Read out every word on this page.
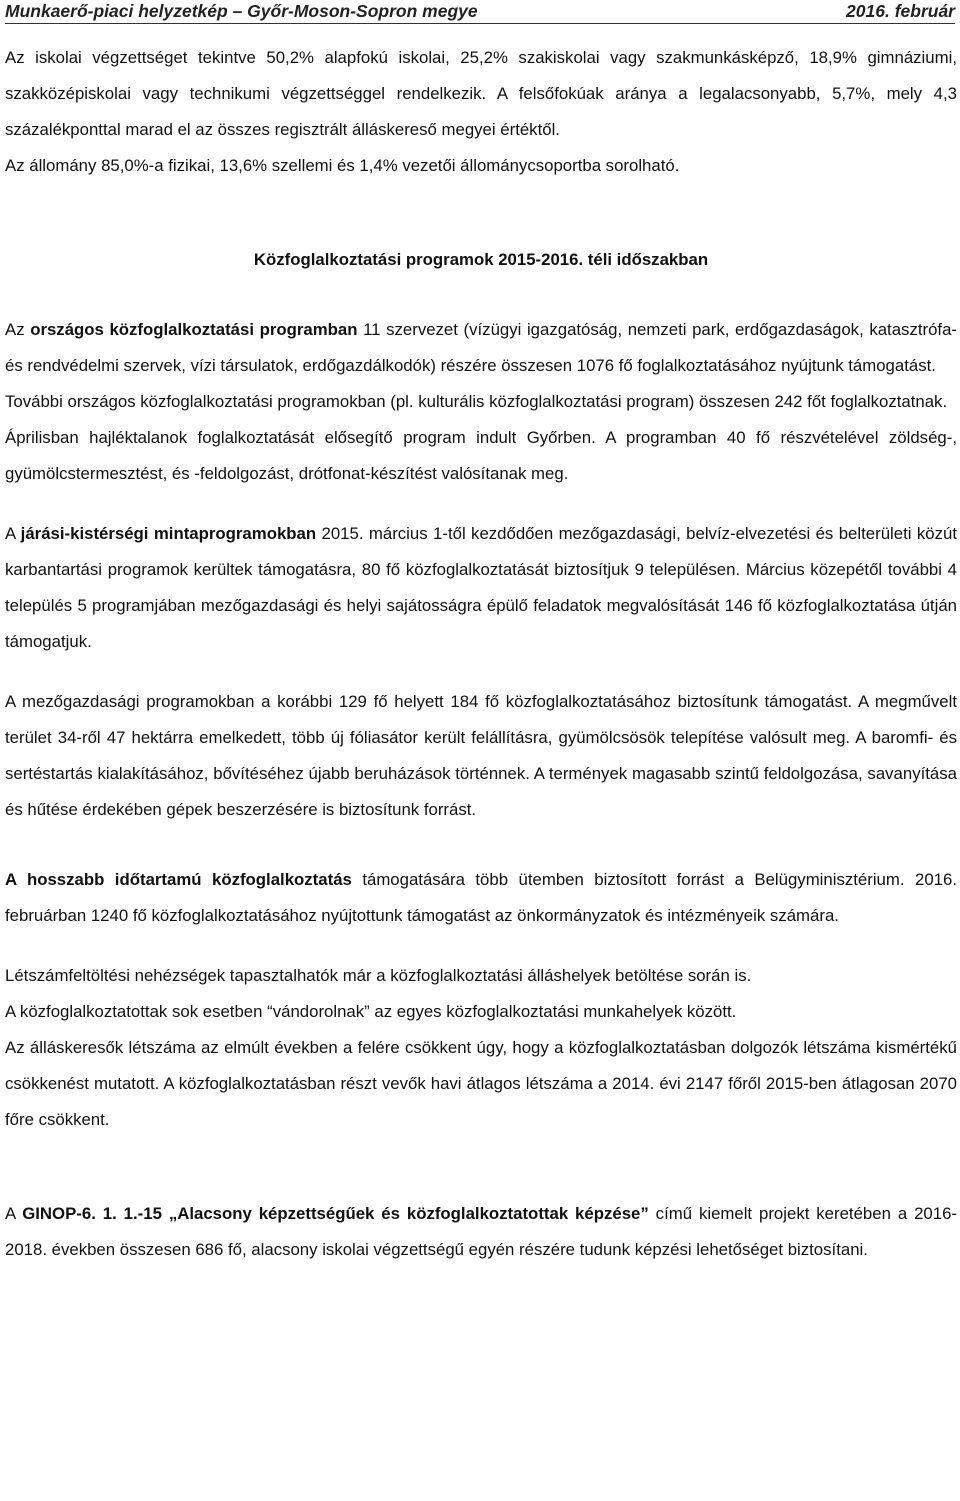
Munkaerő-piaci helyzetkép – Győr-Moson-Sopron megye	2016. február

Az iskolai végzettséget tekintve 50,2% alapfokú iskolai, 25,2% szakiskolai vagy szakmunkásképző, 18,9% gimnáziumi, szakközépiskolai vagy technikumi végzettséggel rendelkezik. A felsőfokúak aránya a legalacsonyabb, 5,7%, mely 4,3 százalékponttal marad el az összes regisztrált álláskereső megyei értéktől.

Az állomány 85,0%-a fizikai, 13,6% szellemi és 1,4% vezetői állománycsoportba sorolható.

Közfoglalkoztatási programok 2015-2016. téli időszakban

Az országos közfoglalkoztatási programban 11 szervezet (vízügyi igazgatóság, nemzeti park, erdőgazdaságok, katasztrófa- és rendvédelmi szervek, vízi társulatok, erdőgazdálkodók) részére összesen 1076 fő foglalkoztatásához nyújtunk támogatást.

További országos közfoglalkoztatási programokban (pl. kulturális közfoglalkoztatási program) összesen 242 főt foglalkoztatnak.

Áprilisban hajléktalanok foglalkoztatását elősegítő program indult Győrben. A programban 40 fő részvételével zöldség-, gyümölcstermesztést, és -feldolgozást, drótfonat-készítést valósítanak meg.

A járási-kistérségi mintaprogramokban 2015. március 1-től kezdődően mezőgazdasági, belvíz-elvezetési és belterületi közút karbantartási programok kerültek támogatásra, 80 fő közfoglalkoztatását biztosítjuk 9 településen. Március közepétől további 4 település 5 programjában mezőgazdasági és helyi sajátosságra épülő feladatok megvalósítását 146 fő közfoglalkoztatása útján támogatjuk.

A mezőgazdasági programokban a korábbi 129 fő helyett 184 fő közfoglalkoztatásához biztosítunk támogatást. A megművelt terület 34-ről 47 hektárra emelkedett, több új fóliasátor került felállításra, gyümölcsösök telepítése valósult meg. A baromfi- és sertéstartás kialakításához, bővítéséhez újabb beruházások történnek. A termények magasabb szintű feldolgozása, savanyítása és hűtése érdekében gépek beszerzésére is biztosítunk forrást.

A hosszabb időtartamú közfoglalkoztatás támogatására több ütemben biztosított forrást a Belügyminisztérium. 2016. februárban 1240 fő közfoglalkoztatásához nyújtottunk támogatást az önkormányzatok és intézményeik számára.

Létszámfeltöltési nehézségek tapasztalhatók már a közfoglalkoztatási álláshelyek betöltése során is.

A közfoglalkoztatottak sok esetben “vándorolnak” az egyes közfoglalkoztatási munkahelyek között.

Az álláskeresők létszáma az elmúlt években a felére csökkent úgy, hogy a közfoglalkoztatásban dolgozók létszáma kismértékű csökkenést mutatott. A közfoglalkoztatásban részt vevők havi átlagos létszáma a 2014. évi 2147 főről 2015-ben átlagosan 2070 főre csökkent.

A GINOP-6. 1. 1.-15 „Alacsony képzettségűek és közfoglalkoztatottak képzése” című kiemelt projekt keretében a 2016-2018. években összesen 686 fő, alacsony iskolai végzettségű egyén részére tudunk képzési lehetőséget biztosítani.
